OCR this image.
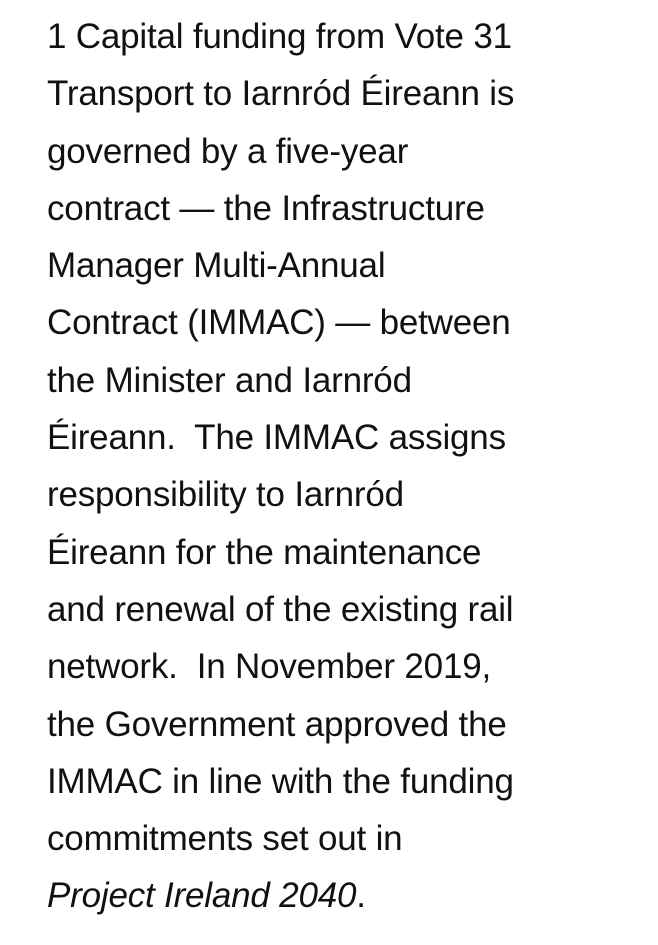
1 Capital funding from Vote 31
Transport to Iarnród Éireann is
governed by a five-year
contract — the Infrastructure
Manager Multi-Annual
Contract (IMMAC) — between
the Minister and Iarnród
Éireann.  The IMMAC assigns
responsibility to Iarnród
Éireann for the maintenance
and renewal of the existing rail
network.  In November 2019,
the Government approved the
IMMAC in line with the funding
commitments set out in
Project Ireland 2040.
